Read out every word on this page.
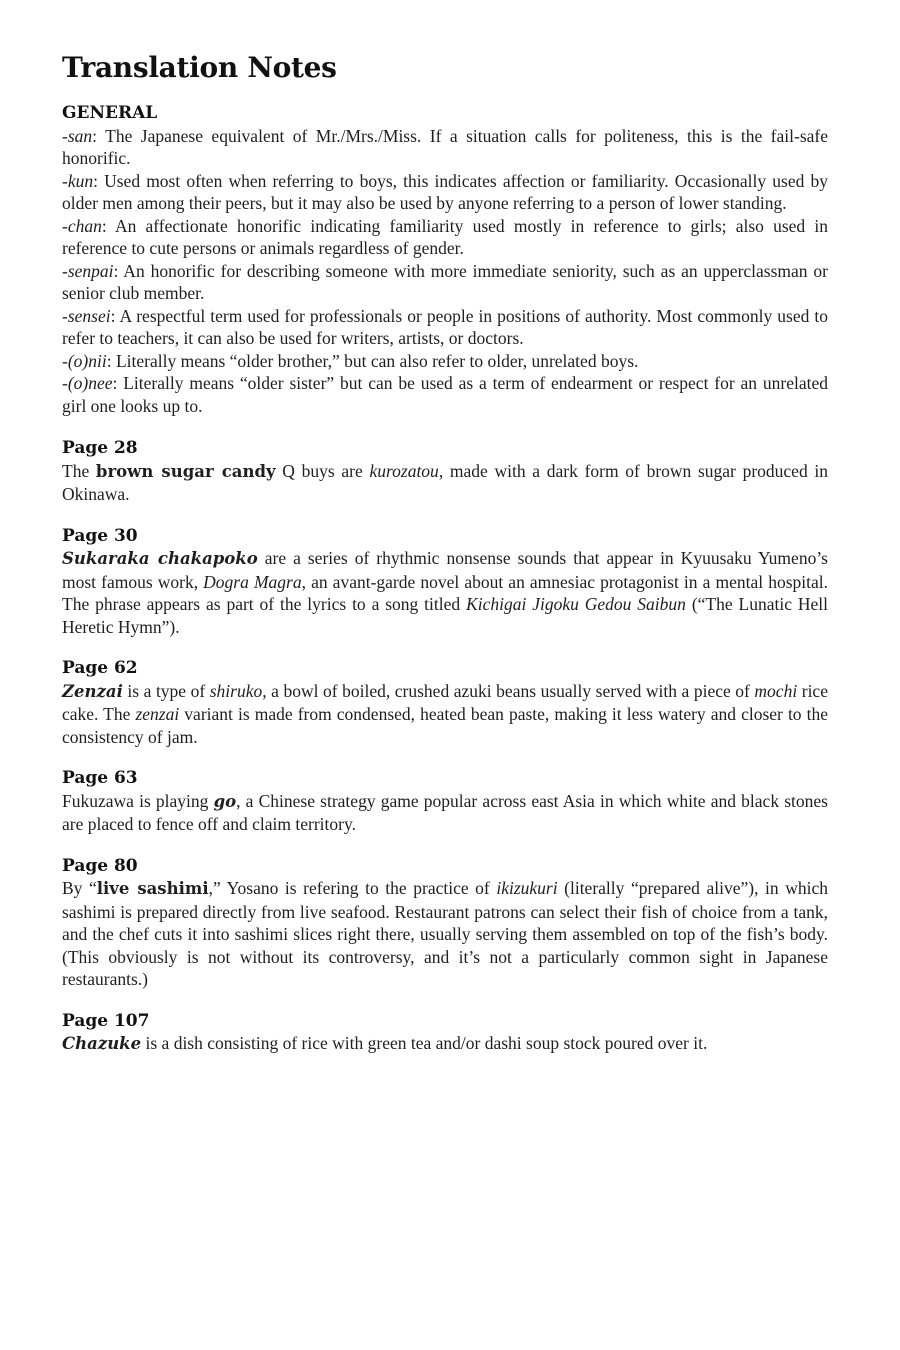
Translation Notes
GENERAL

-san: The Japanese equivalent of Mr./Mrs./Miss. If a situation calls for politeness, this is the fail-safe honorific.

-kun: Used most often when referring to boys, this indicates affection or familiarity. Occasionally used by older men among their peers, but it may also be used by anyone referring to a person of lower standing.

-chan: An affectionate honorific indicating familiarity used mostly in reference to girls; also used in reference to cute persons or animals regardless of gender.

-senpai: An honorific for describing someone with more immediate seniority, such as an upperclassman or senior club member.

-sensei: A respectful term used for professionals or people in positions of authority. Most commonly used to refer to teachers, it can also be used for writers, artists, or doctors.

-(o)nii: Literally means “older brother,” but can also refer to older, unrelated boys.

-(o)nee: Literally means “older sister” but can be used as a term of endearment or respect for an unrelated girl one looks up to.

Page 28

The brown sugar candy Q buys are kurozatou, made with a dark form of brown sugar produced in Okinawa.

Page 30

Sukaraka chakapoko are a series of rhythmic nonsense sounds that appear in Kyuusaku Yumeno’s most famous work, Dogra Magra, an avant-garde novel about an amnesiac protagonist in a mental hospital. The phrase appears as part of the lyrics to a song titled Kichigai Jigoku Gedou Saibun (“The Lunatic Hell Heretic Hymn”).

Page 62

Zenzai is a type of shiruko, a bowl of boiled, crushed azuki beans usually served with a piece of mochi rice cake. The zenzai variant is made from condensed, heated bean paste, making it less watery and closer to the consistency of jam.

Page 63

Fukuzawa is playing go, a Chinese strategy game popular across east Asia in which white and black stones are placed to fence off and claim territory.

Page 80

By “live sashimi,” Yosano is refering to the practice of ikizukuri (literally “prepared alive”), in which sashimi is prepared directly from live seafood. Restaurant patrons can select their fish of choice from a tank, and the chef cuts it into sashimi slices right there, usually serving them assembled on top of the fish’s body. (This obviously is not without its controversy, and it’s not a particularly common sight in Japanese restaurants.)

Page 107

Chazuke is a dish consisting of rice with green tea and/or dashi soup stock poured over it.
